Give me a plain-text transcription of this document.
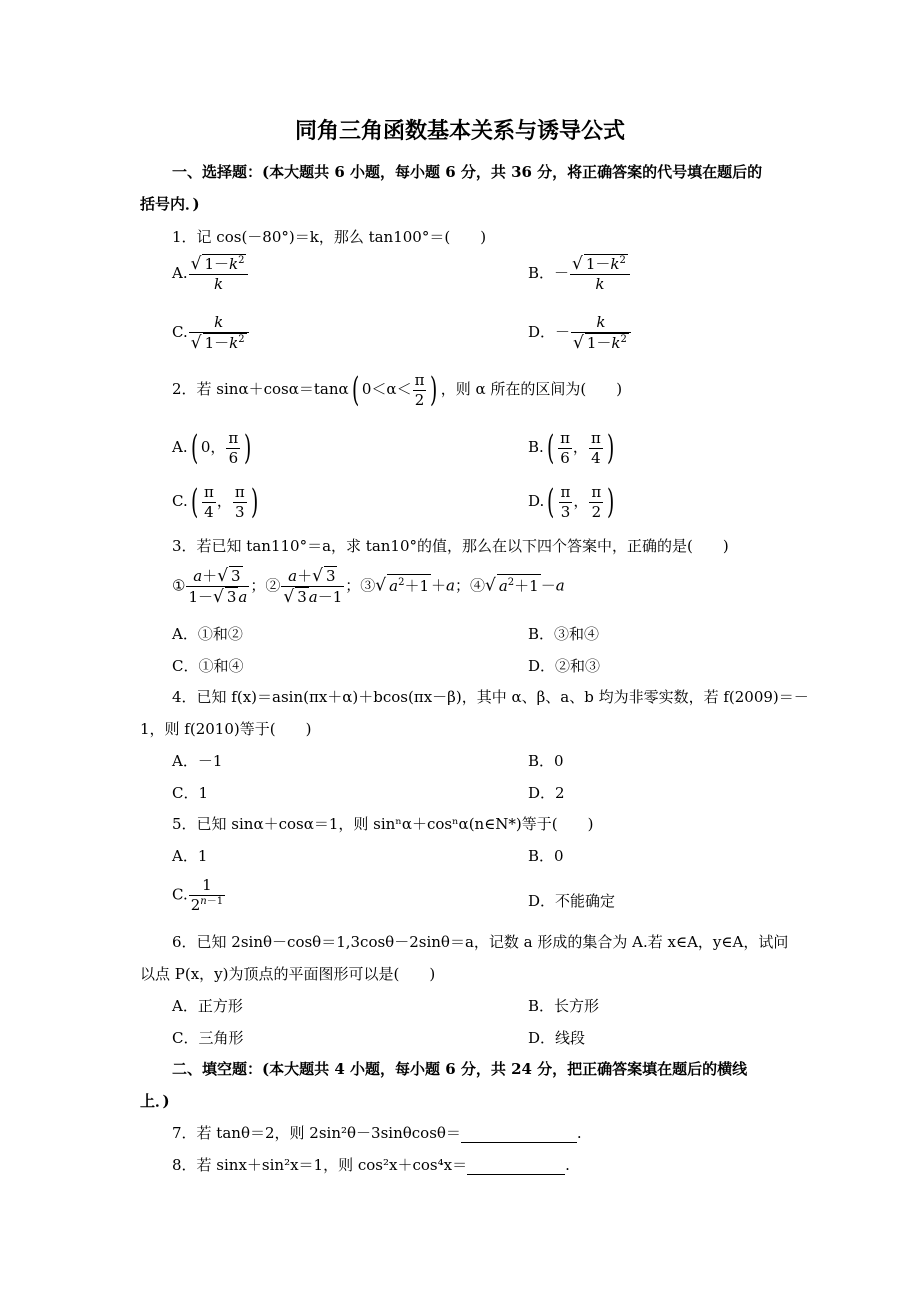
同角三角函数基本关系与诱导公式
一、选择题：(本大题共 6 小题，每小题 6 分，共 36 分，将正确答案的代号填在题后的
括号内．)
1．记 cos(－80°)＝k，那么 tan100°＝(　　)
A. $\frac{√ 1-k^2}{k}$	B．－ $\frac{√ 1-k^2}{k}$
C. $\frac{k}{√ 1-k^2}$	D．－ $\frac{k}{√ 1-k^2}$
2．若 sinα＋cosα＝tanα( $0<\alpha< \frac{\pi}{2}$ ) ，则 α 所在的区间为(　　)
A.( 0， $\frac{\pi}{6}$ )	$B.( \frac{\pi}{6}$ ， $\frac{\pi}{4}$ )
$C.( \frac{\pi}{4}$ ， $\frac{\pi}{3}$ )	$D.( \frac{\pi}{3}$ ， $\frac{\pi}{2}$ )
3．若已知 tan110°＝a，求 tan10°的值，那么在以下四个答案中，正确的是(　　)
① $\frac{a+√ 3}{1-√ 3 a}$ ；② $\frac{a+√ 3}{√ 3 a-1}$ ；③√ $a^2+1 +a$；④√ $a^2+1 -a$
A．①和②	B．③和④
C．①和④	D．②和③
4．已知 f(x)＝asin(πx＋α)＋bcos(πx－β)，其中 α、β、a、b 均为非零实数，若 f(2009)＝－
1，则 f(2010)等于(　　)
A．－1	B．0
C．1	D．2
5．已知 sinα＋cosα＝1，则 sinⁿα＋cosⁿα(n∈N*)等于(　　)
A．1	B．0
C. $\frac{1}{2^{n-1}}$	D．不能确定
6．已知 2sinθ－cosθ＝1,3cosθ－2sinθ＝a，记数 a 形成的集合为 A.若 x∈A，y∈A，试问
以点 P(x，y)为顶点的平面图形可以是(　　)
A．正方形	B．长方形
C．三角形	D．线段
二、填空题：(本大题共 4 小题，每小题 6 分，共 24 分，把正确答案填在题后的横线
上．)
7．若 tanθ＝2，则 2sin²θ－3sinθcosθ＝	.
8．若 sinx＋sin²x＝1，则 cos²x＋cos⁴x＝	.
